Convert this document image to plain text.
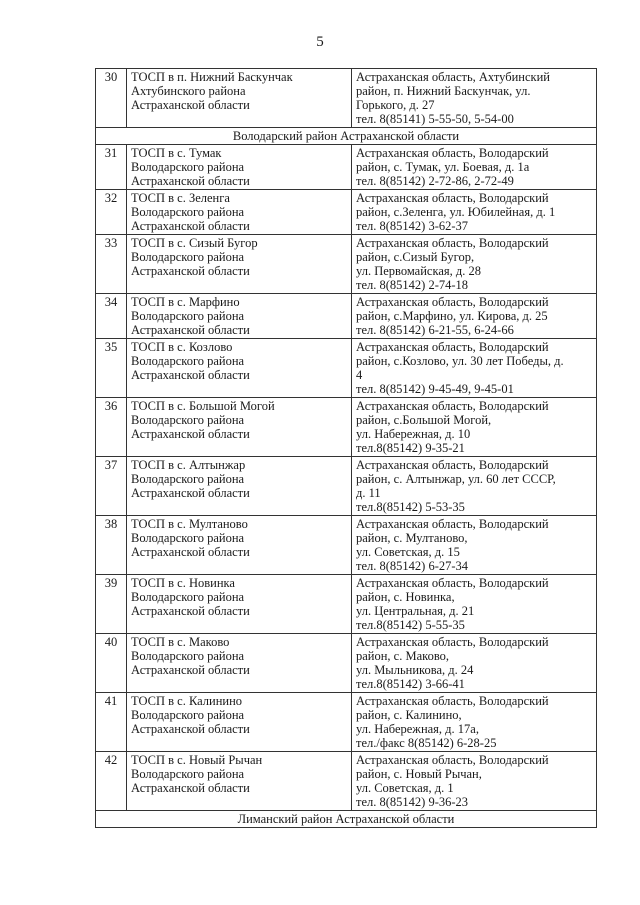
5
30	ТОСП в п. Нижний Баскунчак
Ахтубинского района
Астраханской области	Астраханская область, Ахтубинский
район, п. Нижний Баскунчак, ул.
Горького, д. 27
тел. 8(85141) 5-55-50, 5-54-00

Володарский район Астраханской области		
31	ТОСП в с. Тумак
Володарского района
Астраханской области	Астраханская область, Володарский
район, с. Тумак, ул. Боевая, д. 1а
тел. 8(85142) 2-72-86, 2-72-49

32	ТОСП в с. Зеленга
Володарского района
Астраханской области	Астраханская область, Володарский
район, с.Зеленга, ул. Юбилейная, д. 1
тел. 8(85142) 3-62-37

33	ТОСП в с. Сизый Бугор
Володарского района
Астраханской области	Астраханская область, Володарский
район, с.Сизый Бугор,
ул. Первомайская, д. 28
тел. 8(85142) 2-74-18

34	ТОСП в с. Марфино
Володарского района
Астраханской области	Астраханская область, Володарский
район, с.Марфино, ул. Кирова, д. 25
тел. 8(85142) 6-21-55, 6-24-66

35	ТОСП в с. Козлово
Володарского района
Астраханской области	Астраханская область, Володарский
район, с.Козлово, ул. 30 лет Победы, д.
4
тел. 8(85142) 9-45-49, 9-45-01

36	ТОСП в с. Большой Могой
Володарского района
Астраханской области	Астраханская область, Володарский
район, с.Большой Могой,
ул. Набережная, д. 10
тел.8(85142) 9-35-21

37	ТОСП в с. Алтынжар
Володарского района
Астраханской области	Астраханская область, Володарский
район, с. Алтынжар, ул. 60 лет СССР,
д. 11
тел.8(85142) 5-53-35

38	ТОСП в с. Мултаново
Володарского района
Астраханской области	Астраханская область, Володарский
район, с. Мултаново,
ул. Советская, д. 15
тел. 8(85142) 6-27-34

39	ТОСП в с. Новинка
Володарского района
Астраханской области	Астраханская область, Володарский
район, с. Новинка,
ул. Центральная, д. 21
тел.8(85142) 5-55-35

40	ТОСП в с. Маково
Володарского района
Астраханской области	Астраханская область, Володарский
район, с. Маково,
ул. Мыльникова, д. 24
тел.8(85142) 3-66-41

41	ТОСП в с. Калинино
Володарского района
Астраханской области	Астраханская область, Володарский
район, с. Калинино,
ул. Набережная, д. 17а,
тел./факс 8(85142) 6-28-25

42	ТОСП в с. Новый Рычан
Володарского района
Астраханской области	Астраханская область, Володарский
район, с. Новый Рычан,
ул. Советская, д. 1
тел. 8(85142) 9-36-23

Лиманский район Астраханской области		
